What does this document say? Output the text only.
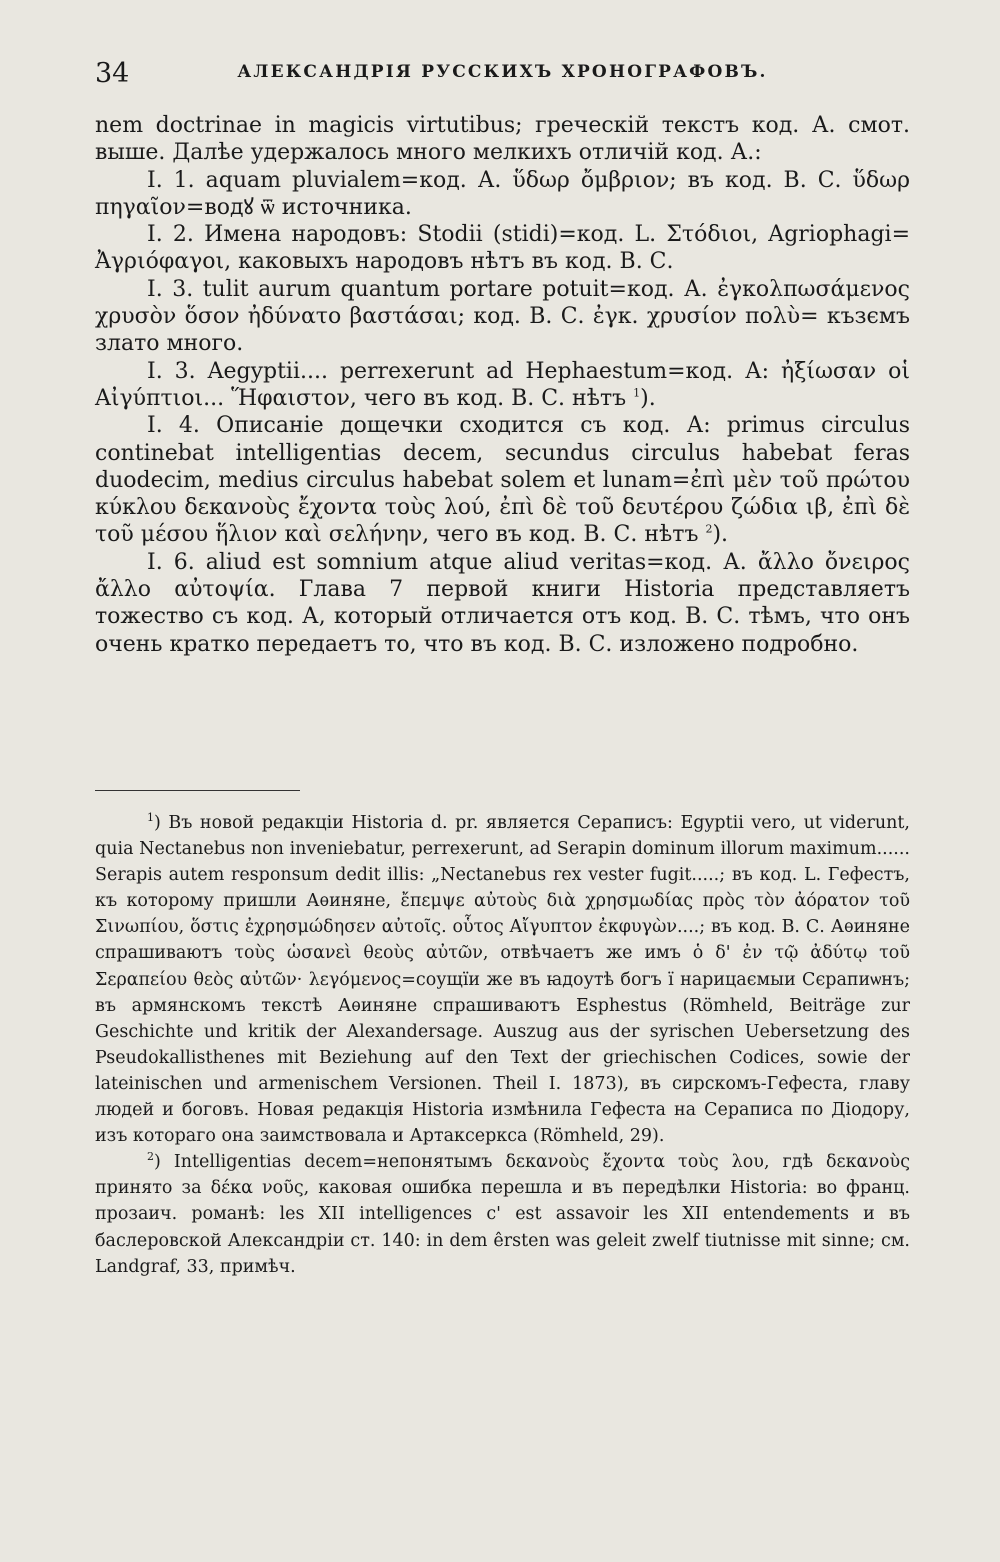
34	АЛЕКСАНДРІЯ РУССКИХЪ ХРОНОГРАФОВЪ.

nem doctrinae in magicis virtutibus; греческій текстъ код. А. смот. выше. Далѣе удержалось много мелкихъ отличій код. А.:

I. 1. aquam pluvialem=код. А. ὕδωρ ὄμβριον; въ код. В. С. ὕδωρ πηγαῖον=водꙋ ѿ источника.

I. 2. Имена народовъ: Stodii (stidi)=код. L. Στόδιοι, Agriophagi= Ἀγριόφαγοι, каковыхъ народовъ нѣтъ въ код. В. С.

I. 3. tulit aurum quantum portare potuit=код. А. ἐγκολπωσάμενος χρυσὸν ὅσον ἠδύνατο βαστάσαι; код. В. С. ἐγκ. χρυσίον πολὺ= къзємъ злато много.

I. 3. Aegyptii.... perrexerunt ad Hephaestum=код. А: ἠξίωσαν οἱ Αἰγύπτιοι... Ἥφαιστον, чего въ код. В. С. нѣтъ $^1$).

I. 4. Описаніе дощечки сходится съ код. А: primus circulus continebat intelligentias decem, secundus circulus habebat feras duodecim, medius circulus habebat solem et lunam=ἐπὶ μὲν τοῦ πρώτου κύκλου δεκανοὺς ἔχοντα τοὺς λού, ἐπὶ δὲ τοῦ δευτέρου ζώδια ιβ, ἐπὶ δὲ τοῦ μέσου ἥλιον καὶ σελήνην, чего въ код. В. С. нѣтъ $^2$).

I. 6. aliud est somnium atque aliud veritas=код. А. ἄλλο ὄνειρος ἄλλο αὐτοψία. Глава 7 первой книги Historia представляетъ тожество съ код. А, который отличается отъ код. В. С. тѣмъ, что онъ очень кратко передаетъ то, что въ код. В. С. изложено подробно.

$^1$) Въ новой редакціи Historia d. pr. является Сераписъ: Egyptii vero, ut viderunt, quia Nectanebus non inveniebatur, perrexerunt, ad Serapin dominum illorum maximum...... Serapis autem responsum dedit illis: „Nectanebus rex vester fugit.....; въ код. L. Гефестъ, къ которому пришли Аѳиняне, ἔπεμψε αὐτοὺς διὰ χρησμωδίας πρὸς τὸν ἀόρατον τοῦ Σινωπίου, ὅστις ἐχρησμώδησεν αὐτοῖς. οὗτος Αἴγυπτον ἐκφυγὼν....; въ код. В. С. Аѳиняне спрашиваютъ τοὺς ὡσανεὶ θεοὺς αὐτῶν, отвѣчаетъ же имъ ὁ δ' ἐν τῷ ἀδύτῳ τοῦ Σεραπείου θεὸς αὐτῶν· λεγόμενος=соущїи же въ ꙗдоутѣ богъ ї нарицаємыи Сєрапиѡнъ; въ армянскомъ текстѣ Аѳиняне спрашиваютъ Esphestus (Römheld, Beiträge zur Geschichte und kritik der Alexandersage. Auszug aus der syrischen Uebersetzung des Pseudokallisthenes mit Beziehung auf den Text der griechischen Codices, sowie der lateinischen und armenischem Versionen. Theil I. 1873), въ сирскомъ-Гефеста, главу людей и боговъ. Новая редакція Historia измѣнила Гефеста на Сераписа по Діодору, изъ котораго она заимствовала и Артаксеркса (Römheld, 29).

$^2$) Intelligentias decem=непонятымъ δεκανοὺς ἔχοντα τοὺς λου, гдѣ δεκανοὺς принято за δέκα νοῦς, каковая ошибка перешла и въ передѣлки Historia: во франц. прозаич. романѣ: les XII intelligences c' est assavoir les XII entendements и въ баслеровской Александріи ст. 140: in dem êrsten was geleit zwelf tiutnisse mit sinne; см. Landgraf, 33, примѣч.
